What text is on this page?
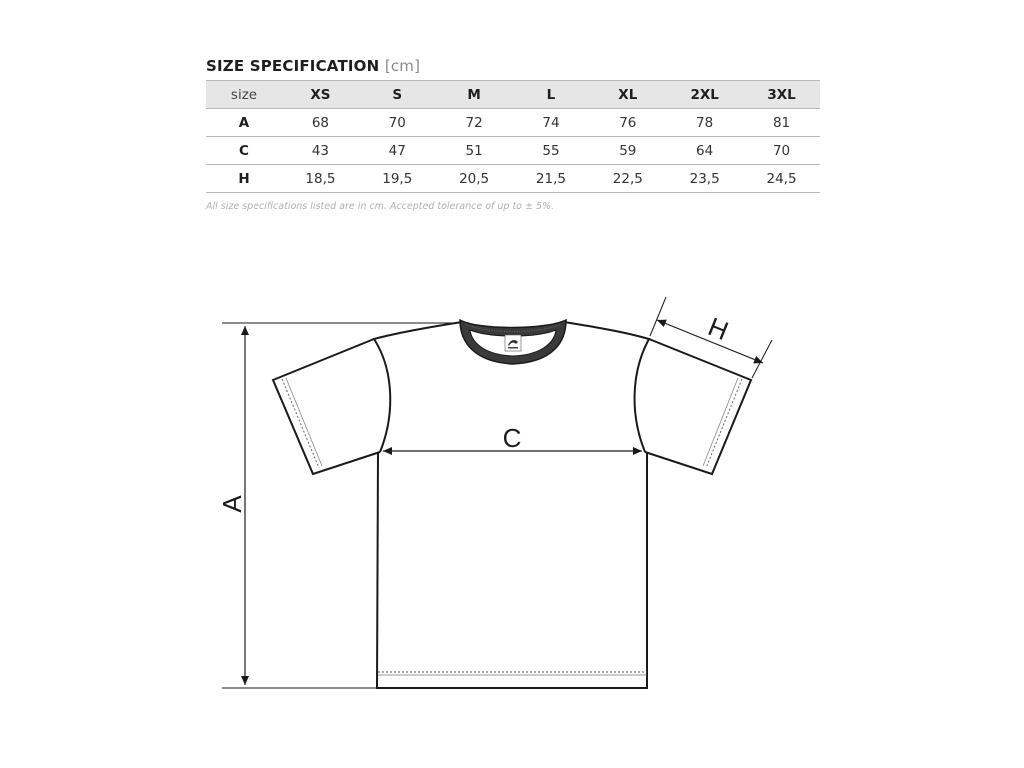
SIZE SPECIFICATION [cm]
size	XS	S	M	L	XL	2XL	3XL
A	68	70	72	74	76	78	81
C	43	47	51	55	59	64	70
H	18,5	19,5	20,5	21,5	22,5	23,5	24,5
All size specifications listed are in cm. Accepted tolerance of up to ± 5%.
A
C
H
